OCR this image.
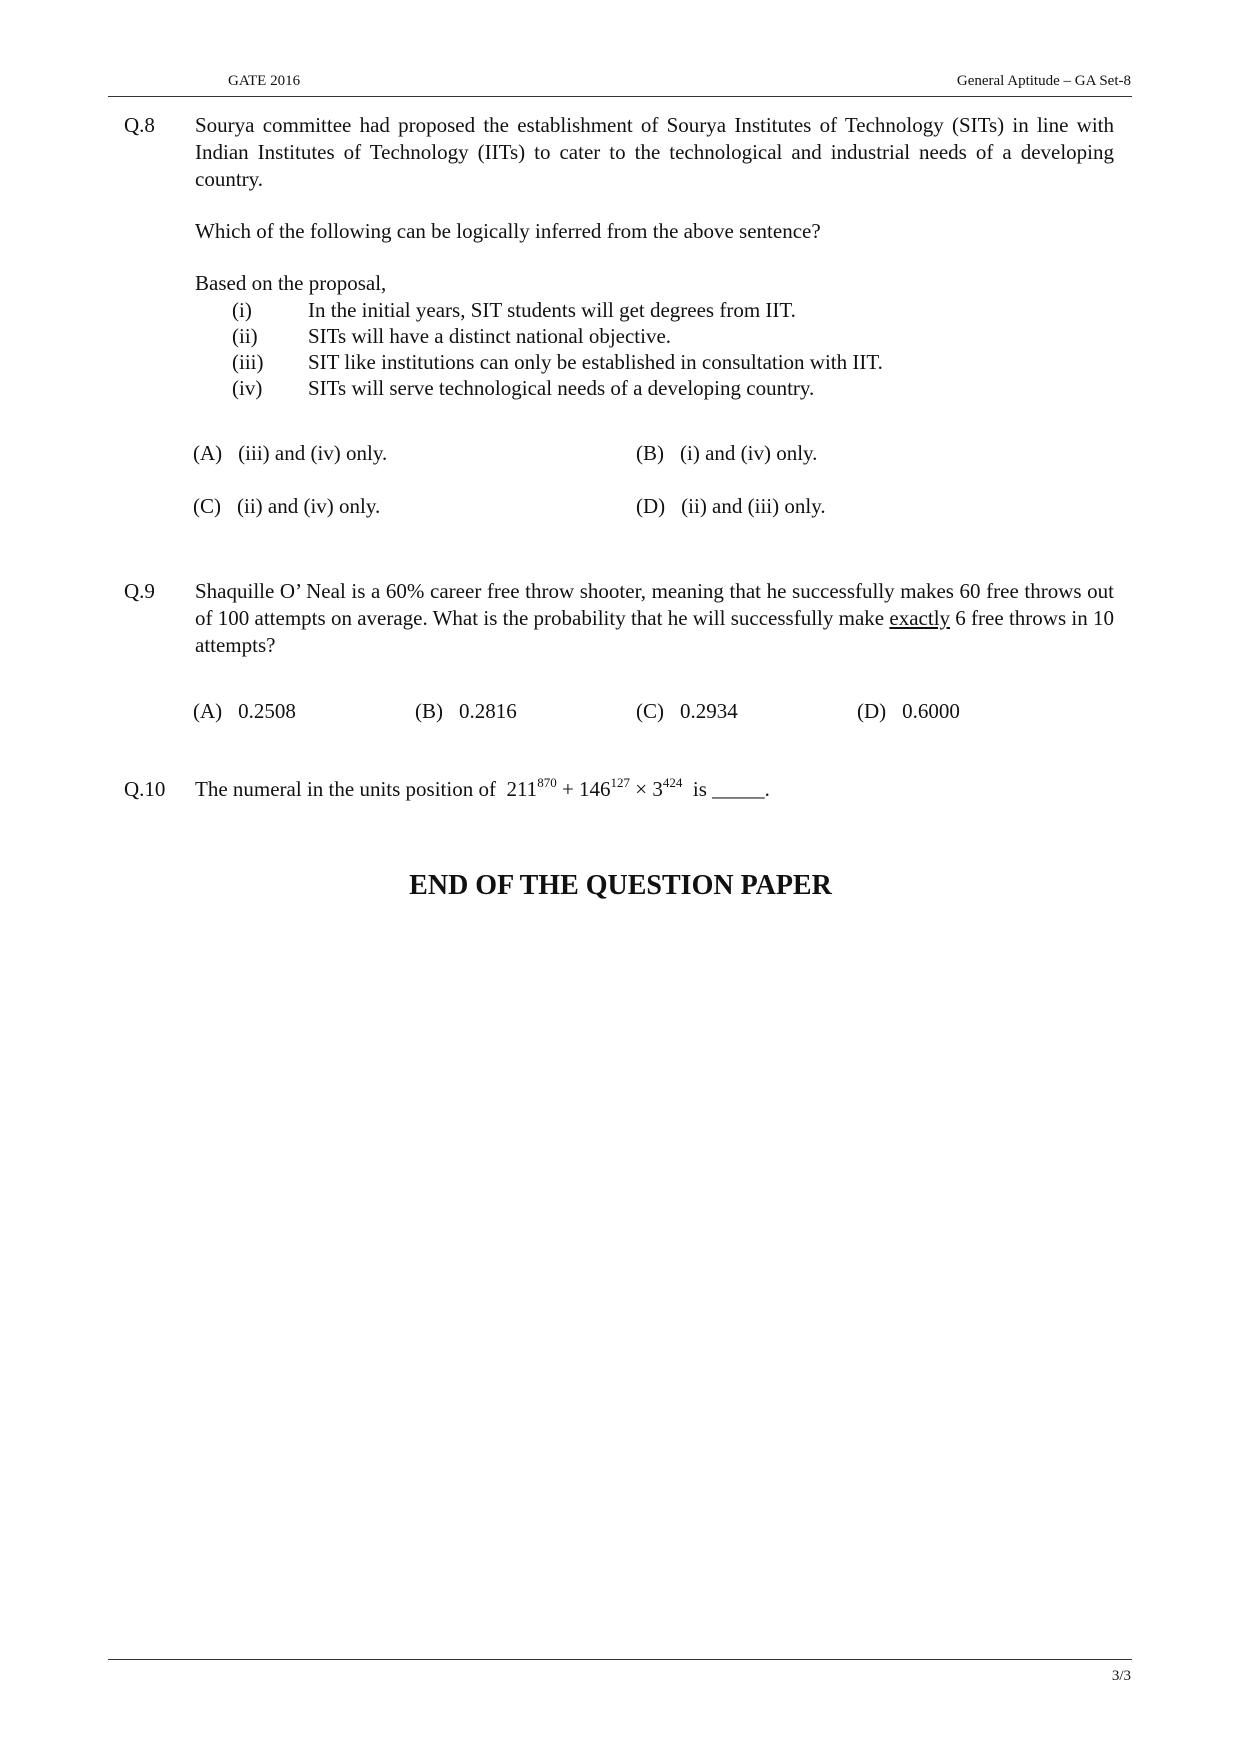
GATE 2016	General Aptitude – GA Set-8
Q.8 Sourya committee had proposed the establishment of Sourya Institutes of Technology (SITs) in line with Indian Institutes of Technology (IITs) to cater to the technological and industrial needs of a developing country.

Which of the following can be logically inferred from the above sentence?

Based on the proposal,

(i)	In the initial years, SIT students will get degrees from IIT.
(ii) SITs will have a distinct national objective.
(iii) SIT like institutions can only be established in consultation with IIT.
(iv) SITs will serve technological needs of a developing country.
(A) (iii) and (iv) only.	(B) (i) and (iv) only.
(C) (ii) and (iv) only.	(D) (ii) and (iii) only.
Q.9 Shaquille O’ Neal is a 60% career free throw shooter, meaning that he successfully makes 60 free throws out of 100 attempts on average. What is the probability that he will successfully make exactly 6 free throws in 10 attempts?

(A) 0.2508	(B) 0.2816	(C) 0.2934	(D) 0.6000
Q.10 The numeral in the units position of $211^{870} + 146^{127} \times 3^{424}$ is _____.

END OF THE QUESTION PAPER
3/3
